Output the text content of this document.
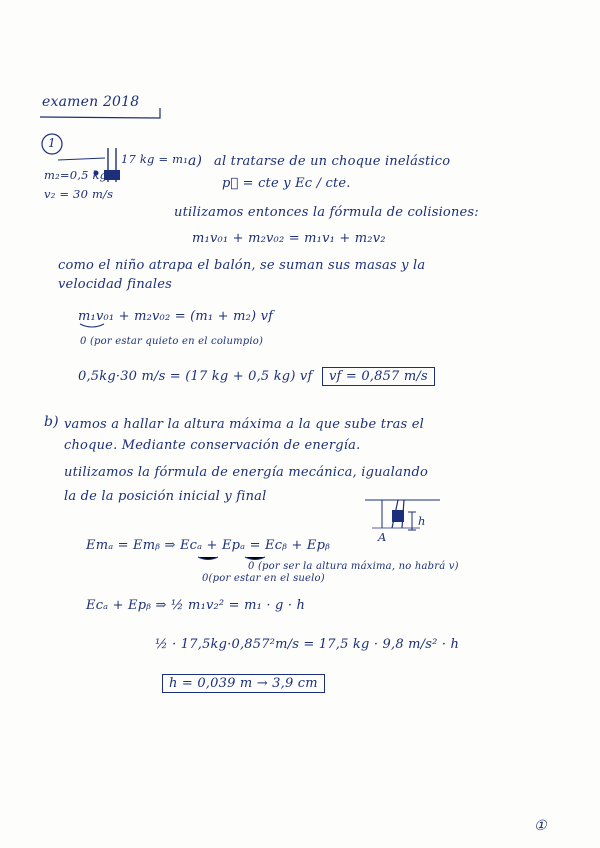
examen 2018
1
m₂=0,5 kg
17 kg = m₁
v₂ = 30 m/s
a) al tratarse de un choque inelástico
p⃗ = cte y Ec / cte.
utilizamos entonces la fórmula de colisiones:
m₁v₀₁ + m₂v₀₂ = m₁v₁ + m₂v₂
como el niño atrapa el balón, se suman sus masas y la
velocidad finales
m₁v₀₁ + m₂v₀₂ = (m₁ + m₂) vf
0 (por estar quieto en el columpio)
0,5kg·30 m/s = (17 kg + 0,5 kg) vf	vf = 0,857 m/s
b) vamos a hallar la altura máxima a la que sube tras el
choque. Mediante conservación de energía.
utilizamos la fórmula de energía mecánica, igualando
la de la posición inicial y final
A
h
Emₐ = Emᵦ ⇒ Ecₐ + Epₐ = Ecᵦ + Epᵦ
0 (por ser la altura máxima, no habrá v)
0(por estar en el suelo)
Ecₐ + Epᵦ ⇒ ½ m₁v₂² = m₁ · g · h
½ · 17,5kg·0,857²m/s = 17,5 kg · 9,8 m/s² · h
h = 0,039 m → 3,9 cm
①
